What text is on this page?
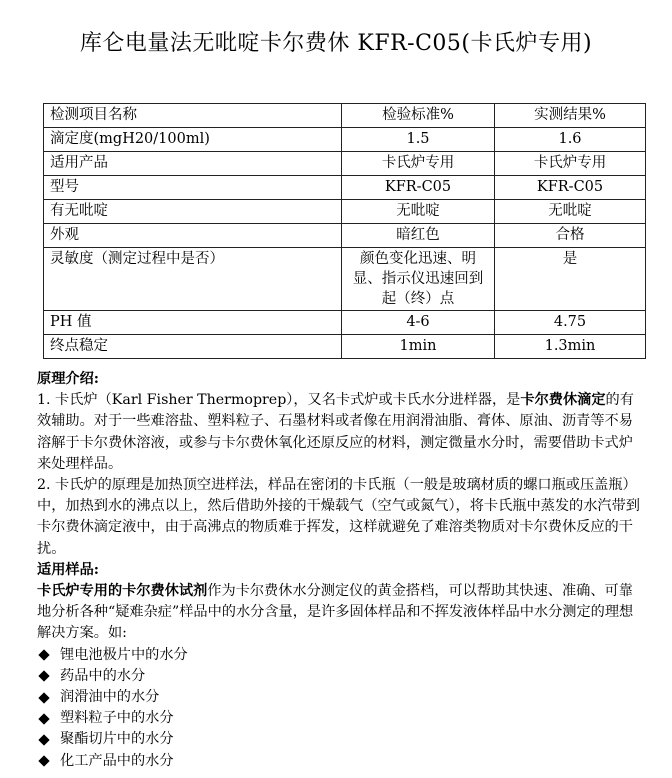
库仑电量法无吡啶卡尔费休 KFR-C05(卡氏炉专用)
检测项目名称	检验标准%	实测结果%
滴定度(mgH20/100ml)	1.5	1.6
适用产品	卡氏炉专用	卡氏炉专用
型号	KFR-C05	KFR-C05
有无吡啶	无吡啶	无吡啶
外观	暗红色	合格
灵敏度（测定过程中是否）	颜色变化迅速、明显、指示仪迅速回到起（终）点	是
PH 值	4-6	4.75
终点稳定	1min	1.3min

原理介绍:

1. 卡氏炉（Karl Fisher Thermoprep），又名卡式炉或卡氏水分进样器，是卡尔费休滴定的有效辅助。对于一些难溶盐、塑料粒子、石墨材料或者像在用润滑油脂、膏体、原油、沥青等不易溶解于卡尔费休溶液，或参与卡尔费休氧化还原反应的材料，测定微量水分时，需要借助卡式炉来处理样品。

2. 卡氏炉的原理是加热顶空进样法，样品在密闭的卡氏瓶（一般是玻璃材质的螺口瓶或压盖瓶）中，加热到水的沸点以上，然后借助外接的干燥载气（空气或氮气），将卡氏瓶中蒸发的水汽带到卡尔费休滴定液中，由于高沸点的物质难于挥发，这样就避免了难溶类物质对卡尔费休反应的干扰。

适用样品:

卡氏炉专用的卡尔费休试剂作为卡尔费休水分测定仪的黄金搭档，可以帮助其快速、准确、可靠地分析各种“疑难杂症”样品中的水分含量，是许多固体样品和不挥发液体样品中水分测定的理想解决方案。如:

锂电池极片中的水分
药品中的水分
润滑油中的水分
塑料粒子中的水分
聚酯切片中的水分
化工产品中的水分
